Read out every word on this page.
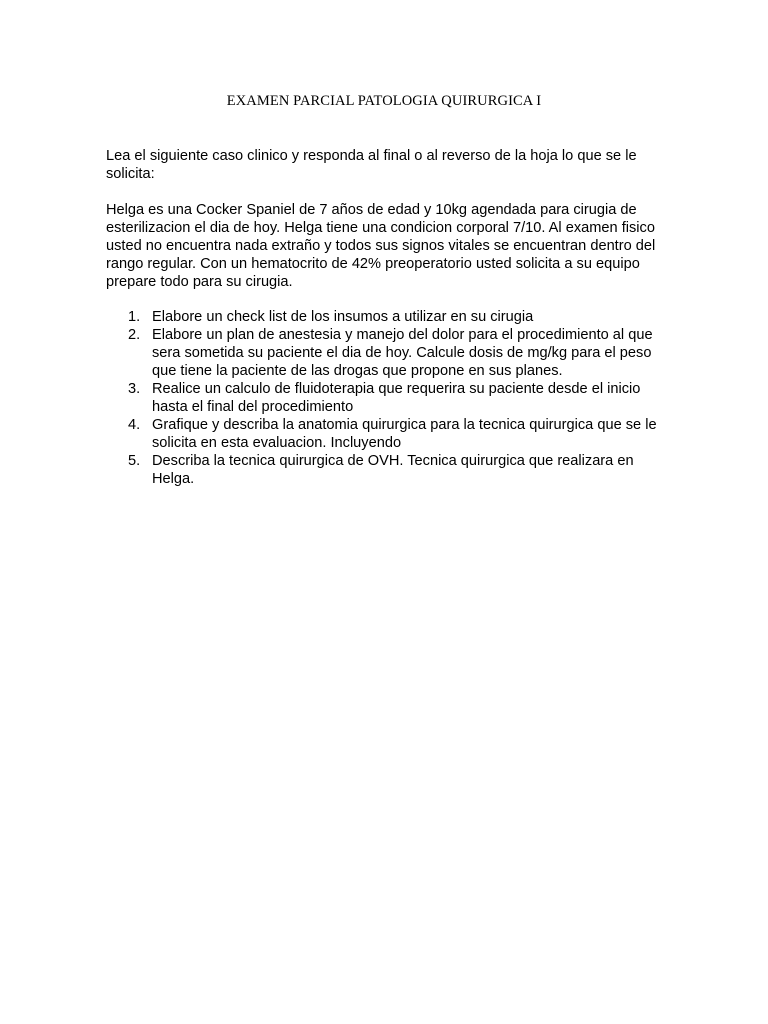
EXAMEN PARCIAL PATOLOGIA QUIRURGICA I

Lea el siguiente caso clinico y responda al final o al reverso de la hoja lo que se le solicita:

Helga es una Cocker Spaniel de 7 años de edad y 10kg agendada para cirugia de esterilizacion el dia de hoy. Helga tiene una condicion corporal 7/10. Al examen fisico usted no encuentra nada extraño y todos sus signos vitales se encuentran dentro del rango regular. Con un hematocrito de 42% preoperatorio usted solicita a su equipo prepare todo para su cirugia.

1. Elabore un check list de los insumos a utilizar en su cirugia
2. Elabore un plan de anestesia y manejo del dolor para el procedimiento al que sera sometida su paciente el dia de hoy. Calcule dosis de mg/kg para el peso que tiene la paciente de las drogas que propone en sus planes.
3. Realice un calculo de fluidoterapia que requerira su paciente desde el inicio hasta el final del procedimiento
4. Grafique y describa la anatomia quirurgica para la tecnica quirurgica que se le solicita en esta evaluacion. Incluyendo
5. Describa la tecnica quirurgica de OVH. Tecnica quirurgica que realizara en Helga.
